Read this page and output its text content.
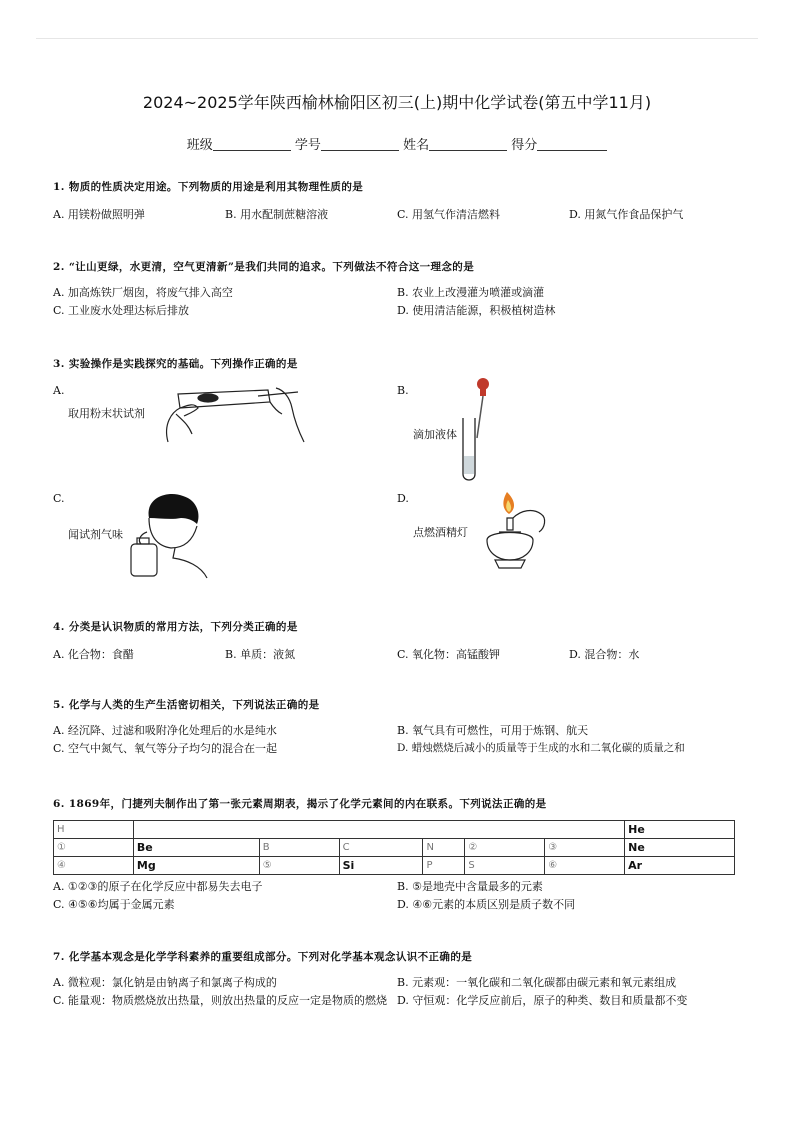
2024~2025学年陕西榆林榆阳区初三(上)期中化学试卷(第五中学11月)
班级	学号	姓名	得分
1. 物质的性质决定用途。下列物质的用途是利用其物理性质的是
A. 用镁粉做照明弹	B. 用水配制蔗糖溶液	C. 用氢气作清洁燃料	D. 用氮气作食品保护气
2. “让山更绿，水更清，空气更清新”是我们共同的追求。下列做法不符合这一理念的是
A. 加高炼铁厂烟囱，将废气排入高空	B. 农业上改漫灌为喷灌或滴灌
C. 工业废水处理达标后排放	D. 使用清洁能源，积极植树造林
3. 实验操作是实践探究的基础。下列操作正确的是
A.
取用粉末状试剂
B.
滴加液体
C.
闻试剂气味
D.
点燃酒精灯
4. 分类是认识物质的常用方法，下列分类正确的是
A. 化合物：食醋	B. 单质：液氮	C. 氧化物：高锰酸钾	D. 混合物：水
5. 化学与人类的生产生活密切相关，下列说法正确的是
A. 经沉降、过滤和吸附净化处理后的水是纯水	B. 氧气具有可燃性，可用于炼钢、航天
C. 空气中氮气、氧气等分子均匀的混合在一起	D. 蜡烛燃烧后减小的质量等于生成的水和二氧化碳的质量之和
6. 1869年，门捷列夫制作出了第一张元素周期表，揭示了化学元素间的内在联系。下列说法正确的是
H							He
①	Be	B	C	N	②	③	Ne
④	Mg	⑤	Si	P	S	⑥	Ar
A. ①②③的原子在化学反应中都易失去电子	B. ⑤是地壳中含量最多的元素
C. ④⑤⑥均属于金属元素	D. ④⑥元素的本质区别是质子数不同
7. 化学基本观念是化学学科素养的重要组成部分。下列对化学基本观念认识不正确的是
A. 微粒观：氯化钠是由钠离子和氯离子构成的	B. 元素观：一氧化碳和二氧化碳都由碳元素和氧元素组成
C. 能量观：物质燃烧放出热量，则放出热量的反应一定是物质的燃烧 D. 守恒观：化学反应前后，原子的种类、数目和质量都不变
